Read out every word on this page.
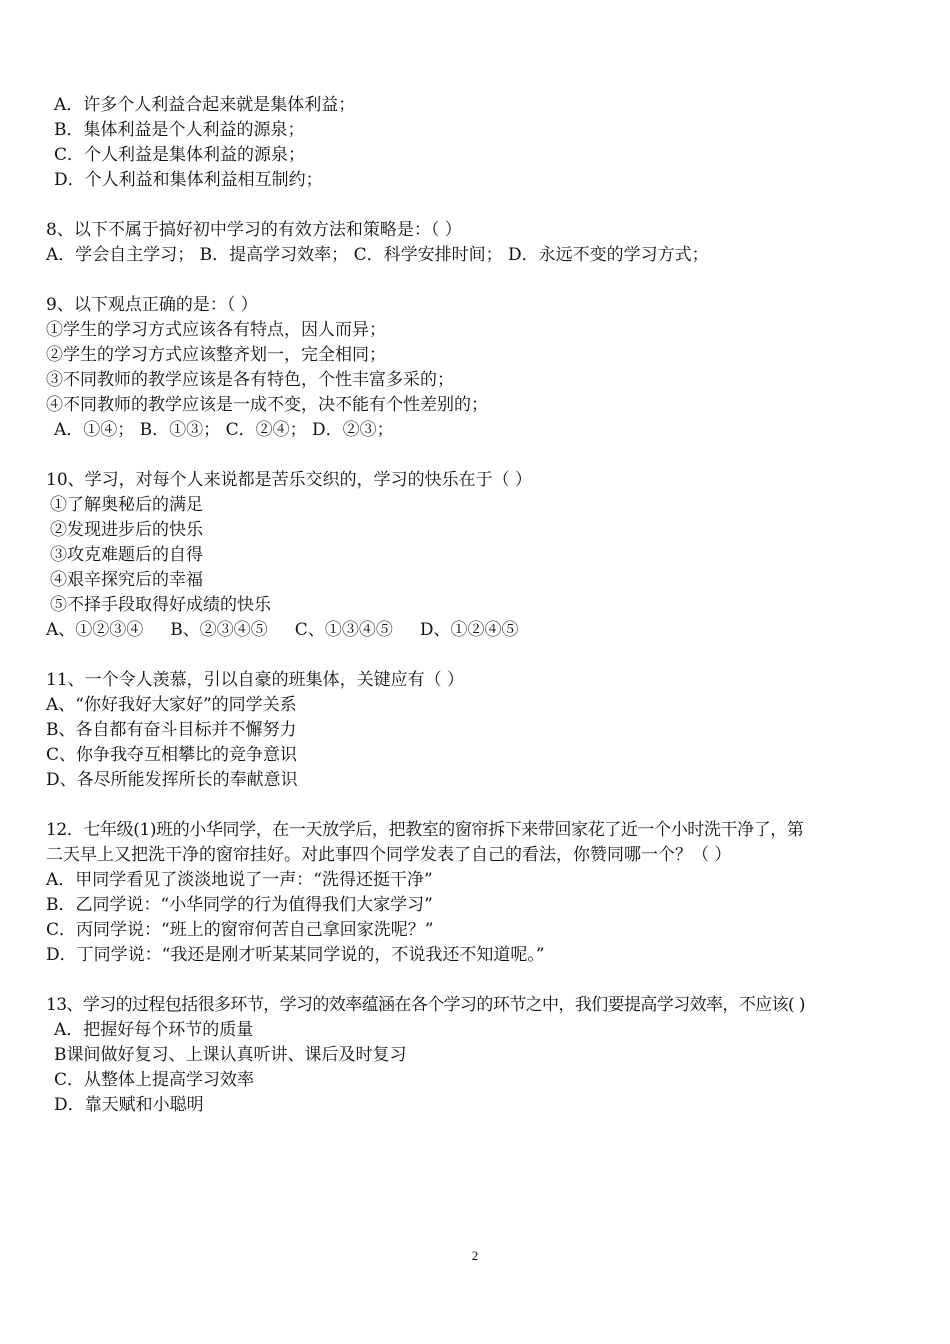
A．许多个人利益合起来就是集体利益；
B．集体利益是个人利益的源泉；
C．个人利益是集体利益的源泉；
D．个人利益和集体利益相互制约；
8、以下不属于搞好初中学习的有效方法和策略是：（ ）
A．学会自主学习； B．提高学习效率； C．科学安排时间； D．永远不变的学习方式；
9、以下观点正确的是：（ ）
①学生的学习方式应该各有特点，因人而异；
②学生的学习方式应该整齐划一，完全相同；
③不同教师的教学应该是各有特色，个性丰富多采的；
④不同教师的教学应该是一成不变，决不能有个性差别的；
A．①④； B．①③； C．②④； D．②③；
10、学习，对每个人来说都是苦乐交织的，学习的快乐在于（ ）
①了解奥秘后的满足
②发现进步后的快乐
③攻克难题后的自得
④艰辛探究后的幸福
⑤不择手段取得好成绩的快乐
A、①②③④     B、②③④⑤     C、①③④⑤     D、①②④⑤
11、一个令人羡慕，引以自豪的班集体，关键应有（ ）
A、“你好我好大家好”的同学关系
B、各自都有奋斗目标并不懈努力
C、你争我夺互相攀比的竞争意识
D、各尽所能发挥所长的奉献意识
12．七年级(1)班的小华同学，在一天放学后，把教室的窗帘拆下来带回家花了近一个小时洗干净了，第
二天早上又把洗干净的窗帘挂好。对此事四个同学发表了自己的看法，你赞同哪一个？（ ）
A．甲同学看见了淡淡地说了一声：“洗得还挺干净”
B．乙同学说：“小华同学的行为值得我们大家学习”
C．丙同学说：“班上的窗帘何苦自己拿回家洗呢？”
D．丁同学说：“我还是刚才听某某同学说的，不说我还不知道呢。”
13、学习的过程包括很多环节，学习的效率蕴涵在各个学习的环节之中，我们要提高学习效率，不应该( )
A．把握好每个环节的质量
B课间做好复习、上课认真听讲、课后及时复习
C．从整体上提高学习效率
D．靠天赋和小聪明
2
